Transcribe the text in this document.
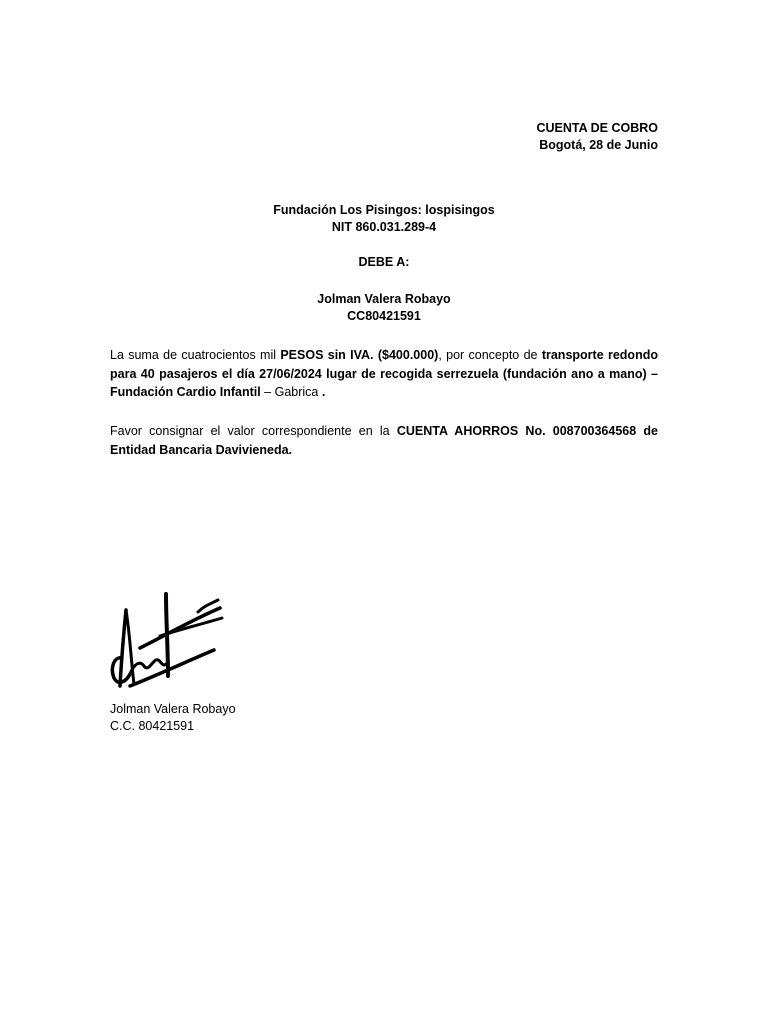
CUENTA DE COBRO
Bogotá, 28 de Junio
Fundación Los Pisingos: lospisingos
NIT 860.031.289-4
DEBE A:
Jolman Valera Robayo
CC80421591
La suma de cuatrocientos mil PESOS sin IVA. ($400.000), por concepto de transporte redondo para 40 pasajeros el día 27/06/2024 lugar de recogida serrezuela (fundación ano a mano) – Fundación Cardio Infantil – Gabrica .
Favor consignar el valor correspondiente en la CUENTA AHORROS No. 008700364568 de Entidad Bancaria Davivieneda.
Jolman Valera Robayo
C.C. 80421591
